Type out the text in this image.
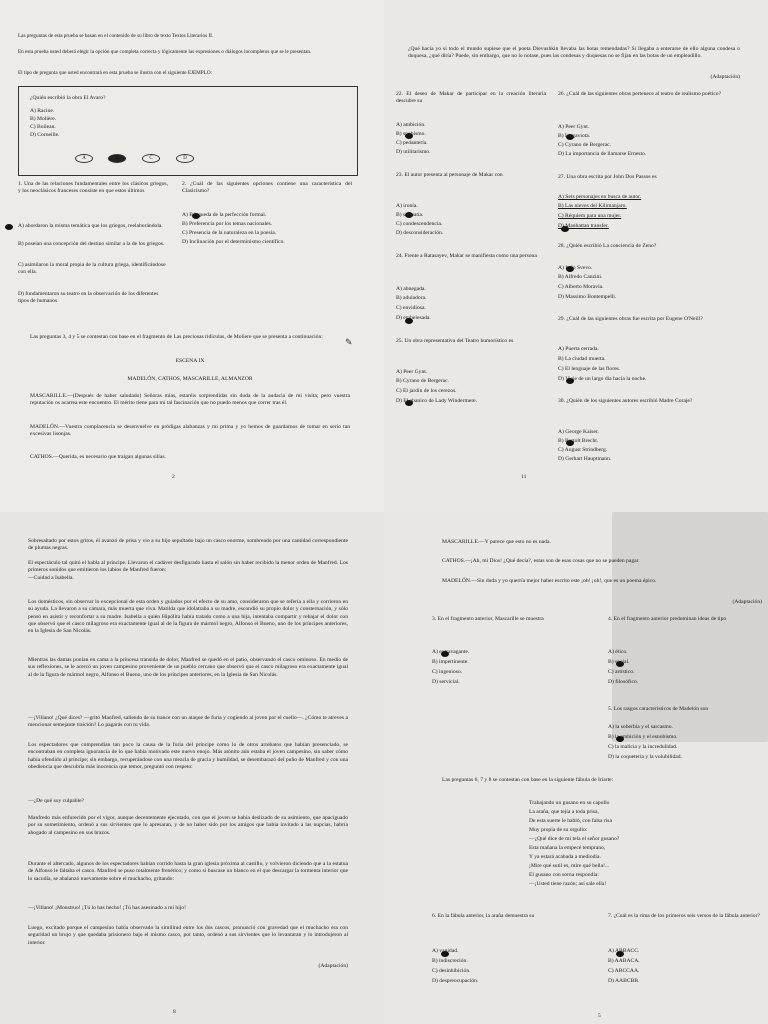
Las preguntas de esta prueba se basan en el contenido de su libro de texto Textos Literarios II.
En esta prueba usted deberá elegir la opción que completa correcta y lógicamente las expresiones o diálogos incompletos que se le presentan.
El tipo de pregunta que usted encontrará en esta prueba se ilustra con el siguiente EJEMPLO:
¿Quién escribió la obra El Avaro?
A) Racine.
B) Molière.
C) Boileau.
D) Corneille.
A	B	C	D
1. Una de las relaciones fundamentales entre los clásicos griegos, y los neoclásicos franceses consiste en que estos últimos
A) abordaron la misma temática que los griegos, reelaborándola.
B) poseían una concepción del destino similar a la de los griegos.
C) asimilaron la moral propia de la cultura griega, identificándose con ella.
D) fundamentaron su teatro en la observación de los diferentes tipos de humanos
2. ¿Cuál de las siguientes opciones contiene una característica del Clasicismo?
A) Búsqueda de la perfección formal.
B) Preferencia por los temas nacionales.
C) Presencia de la naturaleza en la poesía.
D) Inclinación por el determinismo científico.
✎
Las preguntas 3, 4 y 5 se contestan con base en el fragmento de Las preciosas ridículas, de Moliere que se presenta a continuación:
ESCENA IX
MADELÓN, CATHOS, MASCARILLE, ALMANZOR
MASCARILLE.—(Después de haber saludado) Señoras mías, estaréis sorprendidas sin duda de la audacia de mi visita; pero vuestra reputación os acarrea este encuentro. El mérito tiene para mí tal fascinación que no puedo menos que correr tras él.
MADELÓN.—Vuestra complacencia se desenvuelve en pródigas alabanzas y mi prima y yo hemos de guardarnos de tomar en serio tan excesivas lisonjas.
CATHOS.—Querida, es necesario que traigan algunas sillas.
2
¿Qué hacía yo si todo el mundo supiese que el poeta Dievushkin llevaba las botas remendadas? Si llegaba a enterarse de ello alguna condesa o duquesa, ¿qué diría? Puede, sin embargo, que no lo notase, pues las condesas y duquesas no se fijan en las botas de un empleadillo.
(Adaptación)
22. El deseo de Makar de participar en la creación literaria descubre su
A) ambición.
B) snobismo.
C) pedantería.
D) utilitarismo.
23. El autor presenta al personaje de Makar con
A) ironía.
B) simpatía.
C) condescendencia.
D) desconsideración.
24. Frente a Ratasayev, Makar se manifiesta como una persona
A) abnegada.
B) aduladora.
C) envidiosa.
D) embelesada.
25. Un obra representativa del Teatro humorístico es
A) Peer Gynt.
B) Cyrano de Bergerac.
C) El jardín de los cerezos.
D) El abanico de Lady Windermere.
26. ¿Cuál de las siguientes obras pertenece al teatro de realismo poético?
A) Peer Gynt.
B) La gaviota.
C) Cyrano de Bergerac.
D) La importancia de llamarse Ernesto.
27. Una obra escrita por John Dos Passos es
A) Seis personajes en busca de autor.
B) Las nieves del Kilimanjaro.
C) Réquiem para una mujer.
D) Manhattan transfer.
28. ¿Quién escribió La conciencia de Zeno?
A) Italo Svevo.
B) Alfredo Canzini.
C) Alberto Moravia.
D) Massimo Bontempelli.
29. ¿Cuál de las siguientes obras fue escrita por Eugene O'Neill?
A) Puerta cerrada.
B) La ciudad muerta.
C) El lenguaje de las flores.
D) Viaje de un largo día hacia la noche.
30. ¿Quién de los siguientes autores escribió Madre Coraje?
A) George Kaiser.
B) Bertolt Brecht.
C) August Strindberg.
D) Gerhart Hauptmann.
11
Sobresaltado por estos gritos, él avanzó de prisa y vio a su hijo sepultado bajo un casco enorme, sombreado por una cantidad correspondiente de plumas negras.
El espectáculo tal quitó el habla al príncipe. Llevaron el cadáver desfigurado hasta el salón sin haber recibido la menor orden de Manfred. Los primeros sonidos que emitieron los labios de Manfred fueron:
—Cuidad a Isabella.
Los domésticos, sin observar lo excepcional de esta orden y guiados por el efecto de su amo, consideraron que se refería a ella y corrieron en su ayuda. La llevaron a su cámara, más muerta que viva. Matilda que idolatraba a su madre, escondió su propio dolor y consternación, y sólo pensó en asistir y reconfortar a su madre. Isabella a quién Hipólita había tratado como a una hija, intentaba compartir y rebajar el dolor con que observó que el casco milagroso era exactamente igual al de la figura de mármol negro, Alfonso el Bueno, uno de los príncipes anteriores, en la Iglesia de San Nicolás.
Mientras las damas ponían en cama a la princesa transida de dolor, Manfred se quedó en el patio, observando el casco ominoso. En medio de sus reflexiones, se le acercó un joven campesino proveniente de un pueblo cercano que observó que el casco milagroso era exactamente igual al de la figura de mármol negro, Alfonso el Bueno, uno de los príncipes anteriores, en la Iglesia de San Nicolás.
—¡Villano! ¿Qué dices? —gritó Manfred, saliendo de su trance con un ataque de furia y cogiendo al joven por el cuello—. ¿Cómo te atreves a mencionar semejante traición? Lo pagarás con tu vida.
Los espectadores que comprendían tan poco la causa de la furia del príncipe como lo de otros arrebatos que habían presenciado, se encontraban en completa ignorancia de lo que había motivado este nuevo enojo. Más atónito aún estaba el joven campesino, sin saber cómo había ofendido al príncipe; sin embargo, recuperándose con una mezcla de gracia y humildad, se desembarazó del puño de Manfred y con una obediencia que descubría más inocencia que temor, preguntó con respeto:
—¿De qué soy culpable?
Manfredo más enfurecido por el vigor, aunque decentemente ejecutado, con que el joven se había deslizado de su asimiento, que apaciguado por su sometimiento, ordenó a sus sirvientes que lo apresaran, y de no haber sido por los amigos que había invitado a las nupcias, habría ahogado al campesino en sus brazos.
Durante el altercado, algunos de los espectadores habían corrido hasta la gran iglesia próxima al castillo, y volvieron diciendo que a la estatua de Alfonso le faltaba el casco. Manfred se puso totalmente frenético; y como si buscase un blanco en el que descargar la tormenta interior que lo sacudía, se abalanzó nuevamente sobre el muchacho, gritando:
—¡Villano! ¡Monstruo! ¡Tú lo has hecho! ¡Tú has asesinado a mi hijo!
Luego, excitado porque el campesino había observado la similitud entre los dos cascos, pronunció con gravedad que el muchacho era con seguridad un brujo y que quedaba prisionero bajo el mismo casco, por tanto, ordenó a sus sirvientes que lo levantaran y lo introdujeron al interior.
(Adaptación)
8
MASCARILLE.—Y parece que esto no es nada.
CATHOS.—¡Ah, mi Dios! ¿Qué decía?, estas son de esas cosas que no se pueden pagar.
MADELÓN.—Sin duda y yo querría mejor haber escrito este ¡oh! ¡oh!, que es un poema épico.
(Adaptación)
3. En el fragmento anterior, Mascarille se muestra
A) extravagante.
B) impertinente.
C) ingenioso.
D) servicial.
4. En el fragmento anterior predominan ideas de tipo
A) ético.
B) social.
C) artístico.
D) filosófico.
5. Los rasgos característicos de Madelón son
A) la soberbia y el sarcasmo.
B) la ambición y el esnobismo.
C) la malicia y la incredulidad.
D) la coquetería y la volubilidad.
Las preguntas 6, 7 y 8 se contestan con base en la siguiente fábula de Iriarte:
Trabajando un gusano en su capullo
La araña, que tejía a toda prisa,
De esta suerte le habló, con falsa risa
Muy propia de su orgullo:
—¿Qué dice de mi tela el señor gusano?
Esta mañana la empecé temprano,
Y ya estará acabada a mediodía.
¡Mire qué sutil es, mire qué bella!...
El gusano con sorna respondía:
—¡Usted tiene razón; así sale ella!
6. En la fábula anterior, la araña demuestra su
A) vanidad.
B) indiscreción.
C) desinhibición.
D) despreocupación.
7. ¿Cuál es la rima de los primeros seis versos de la fábula anterior?
A) ABBACC.
B) AABACA.
C) ABCCAA.
D) AABCBB.
5
